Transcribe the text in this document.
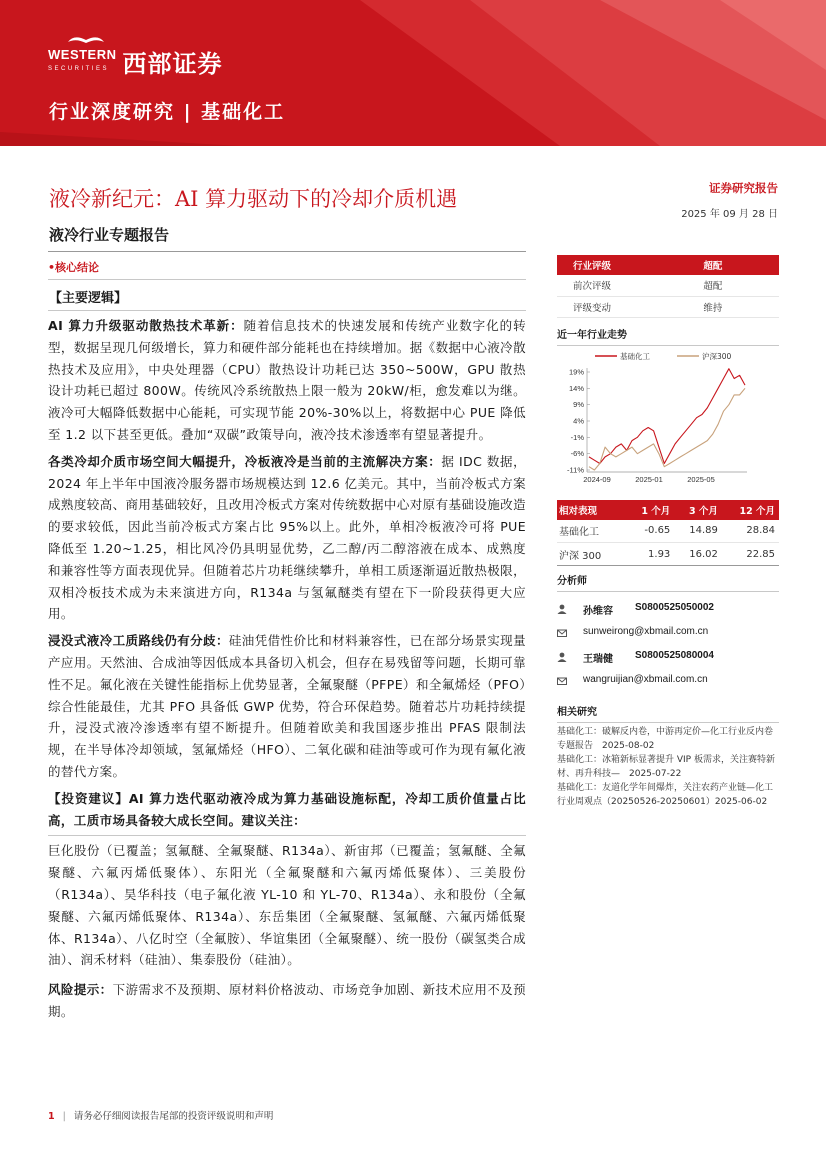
WESTERN
SECURITIES 西部证券
行业深度研究 | 基础化工
液冷新纪元：AI 算力驱动下的冷却介质机遇
液冷行业专题报告
证券研究报告
2025 年 09 月 28 日
•核心结论
【主要逻辑】

AI 算力升级驱动散热技术革新：随着信息技术的快速发展和传统产业数字化的转型，数据呈现几何级增长，算力和硬件部分能耗也在持续增加。据《数据中心液冷散热技术及应用》，中央处理器（CPU）散热设计功耗已达 350~500W，GPU 散热设计功耗已超过 800W。传统风冷系统散热上限一般为 20kW/柜，愈发难以为继。液冷可大幅降低数据中心能耗，可实现节能 20%-30%以上，将数据中心 PUE 降低至 1.2 以下甚至更低。叠加“双碳”政策导向，液冷技术渗透率有望显著提升。

各类冷却介质市场空间大幅提升，冷板液冷是当前的主流解决方案：据 IDC 数据，2024 年上半年中国液冷服务器市场规模达到 12.6 亿美元。其中，当前冷板式方案成熟度较高、商用基础较好，且改用冷板式方案对传统数据中心对原有基础设施改造的要求较低，因此当前冷板式方案占比 95%以上。此外，单相冷板液冷可将 PUE 降低至 1.20~1.25，相比风冷仍具明显优势，乙二醇/丙二醇溶液在成本、成熟度和兼容性等方面表现优异。但随着芯片功耗继续攀升，单相工质逐渐逼近散热极限，双相冷板技术成为未来演进方向，R134a 与氢氟醚类有望在下一阶段获得更大应用。

浸没式液冷工质路线仍有分歧：硅油凭借性价比和材料兼容性，已在部分场景实现量产应用。天然油、合成油等因低成本具备切入机会，但存在易残留等问题，长期可靠性不足。氟化液在关键性能指标上优势显著，全氟聚醚（PFPE）和全氟烯烃（PFO）综合性能最佳，尤其 PFO 具备低 GWP 优势，符合环保趋势。随着芯片功耗持续提升，浸没式液冷渗透率有望不断提升。但随着欧美和我国逐步推出 PFAS 限制法规，在半导体冷却领域，氢氟烯烃（HFO）、二氧化碳和硅油等或可作为现有氟化液的替代方案。

【投资建议】AI 算力迭代驱动液冷成为算力基础设施标配，冷却工质价值量占比高，工质市场具备较大成长空间。建议关注：

巨化股份（已覆盖；氢氟醚、全氟聚醚、R134a）、新宙邦（已覆盖；氢氟醚、全氟聚醚、六氟丙烯低聚体）、东阳光（全氟聚醚和六氟丙烯低聚体）、三美股份（R134a）、昊华科技（电子氟化液 YL-10 和 YL-70、R134a）、永和股份（全氟聚醚、六氟丙烯低聚体、R134a）、东岳集团（全氟聚醚、氢氟醚、六氟丙烯低聚体、R134a）、八亿时空（全氟胺）、华谊集团（全氟聚醚）、统一股份（碳氢类合成油）、润禾材料（硅油）、集泰股份（硅油）。

风险提示：下游需求不及预期、原材料价格波动、市场竞争加剧、新技术应用不及预期。

行业评级	超配
前次评级	超配
评级变动	维持
近一年行业走势
基础化工	沪深300
19%
14%
9%
4%
-1%
-6%
-11%
2024-09	2025-01	2025-05
相对表现	1 个月	3 个月	12 个月
基础化工	-0.65	14.89	28.84
沪深 300	1.93	16.02	22.85
分析师
孙维容 S0800525050002
sunweirong@xbmail.com.cn
王瑞健 S0800525080004
wangruijian@xbmail.com.cn
相关研究
基础化工：破解反内卷，中游再定价—化工行业反内卷专题报告　2025-08-02
基础化工：冰箱新标显著提升 VIP 板需求，关注赛特新材、再升科技—　2025-07-22
基础化工：友道化学年间爆炸，关注农药产业链—化工行业周观点（20250526-20250601）2025-06-02
1 | 请务必仔细阅读报告尾部的投资评级说明和声明
